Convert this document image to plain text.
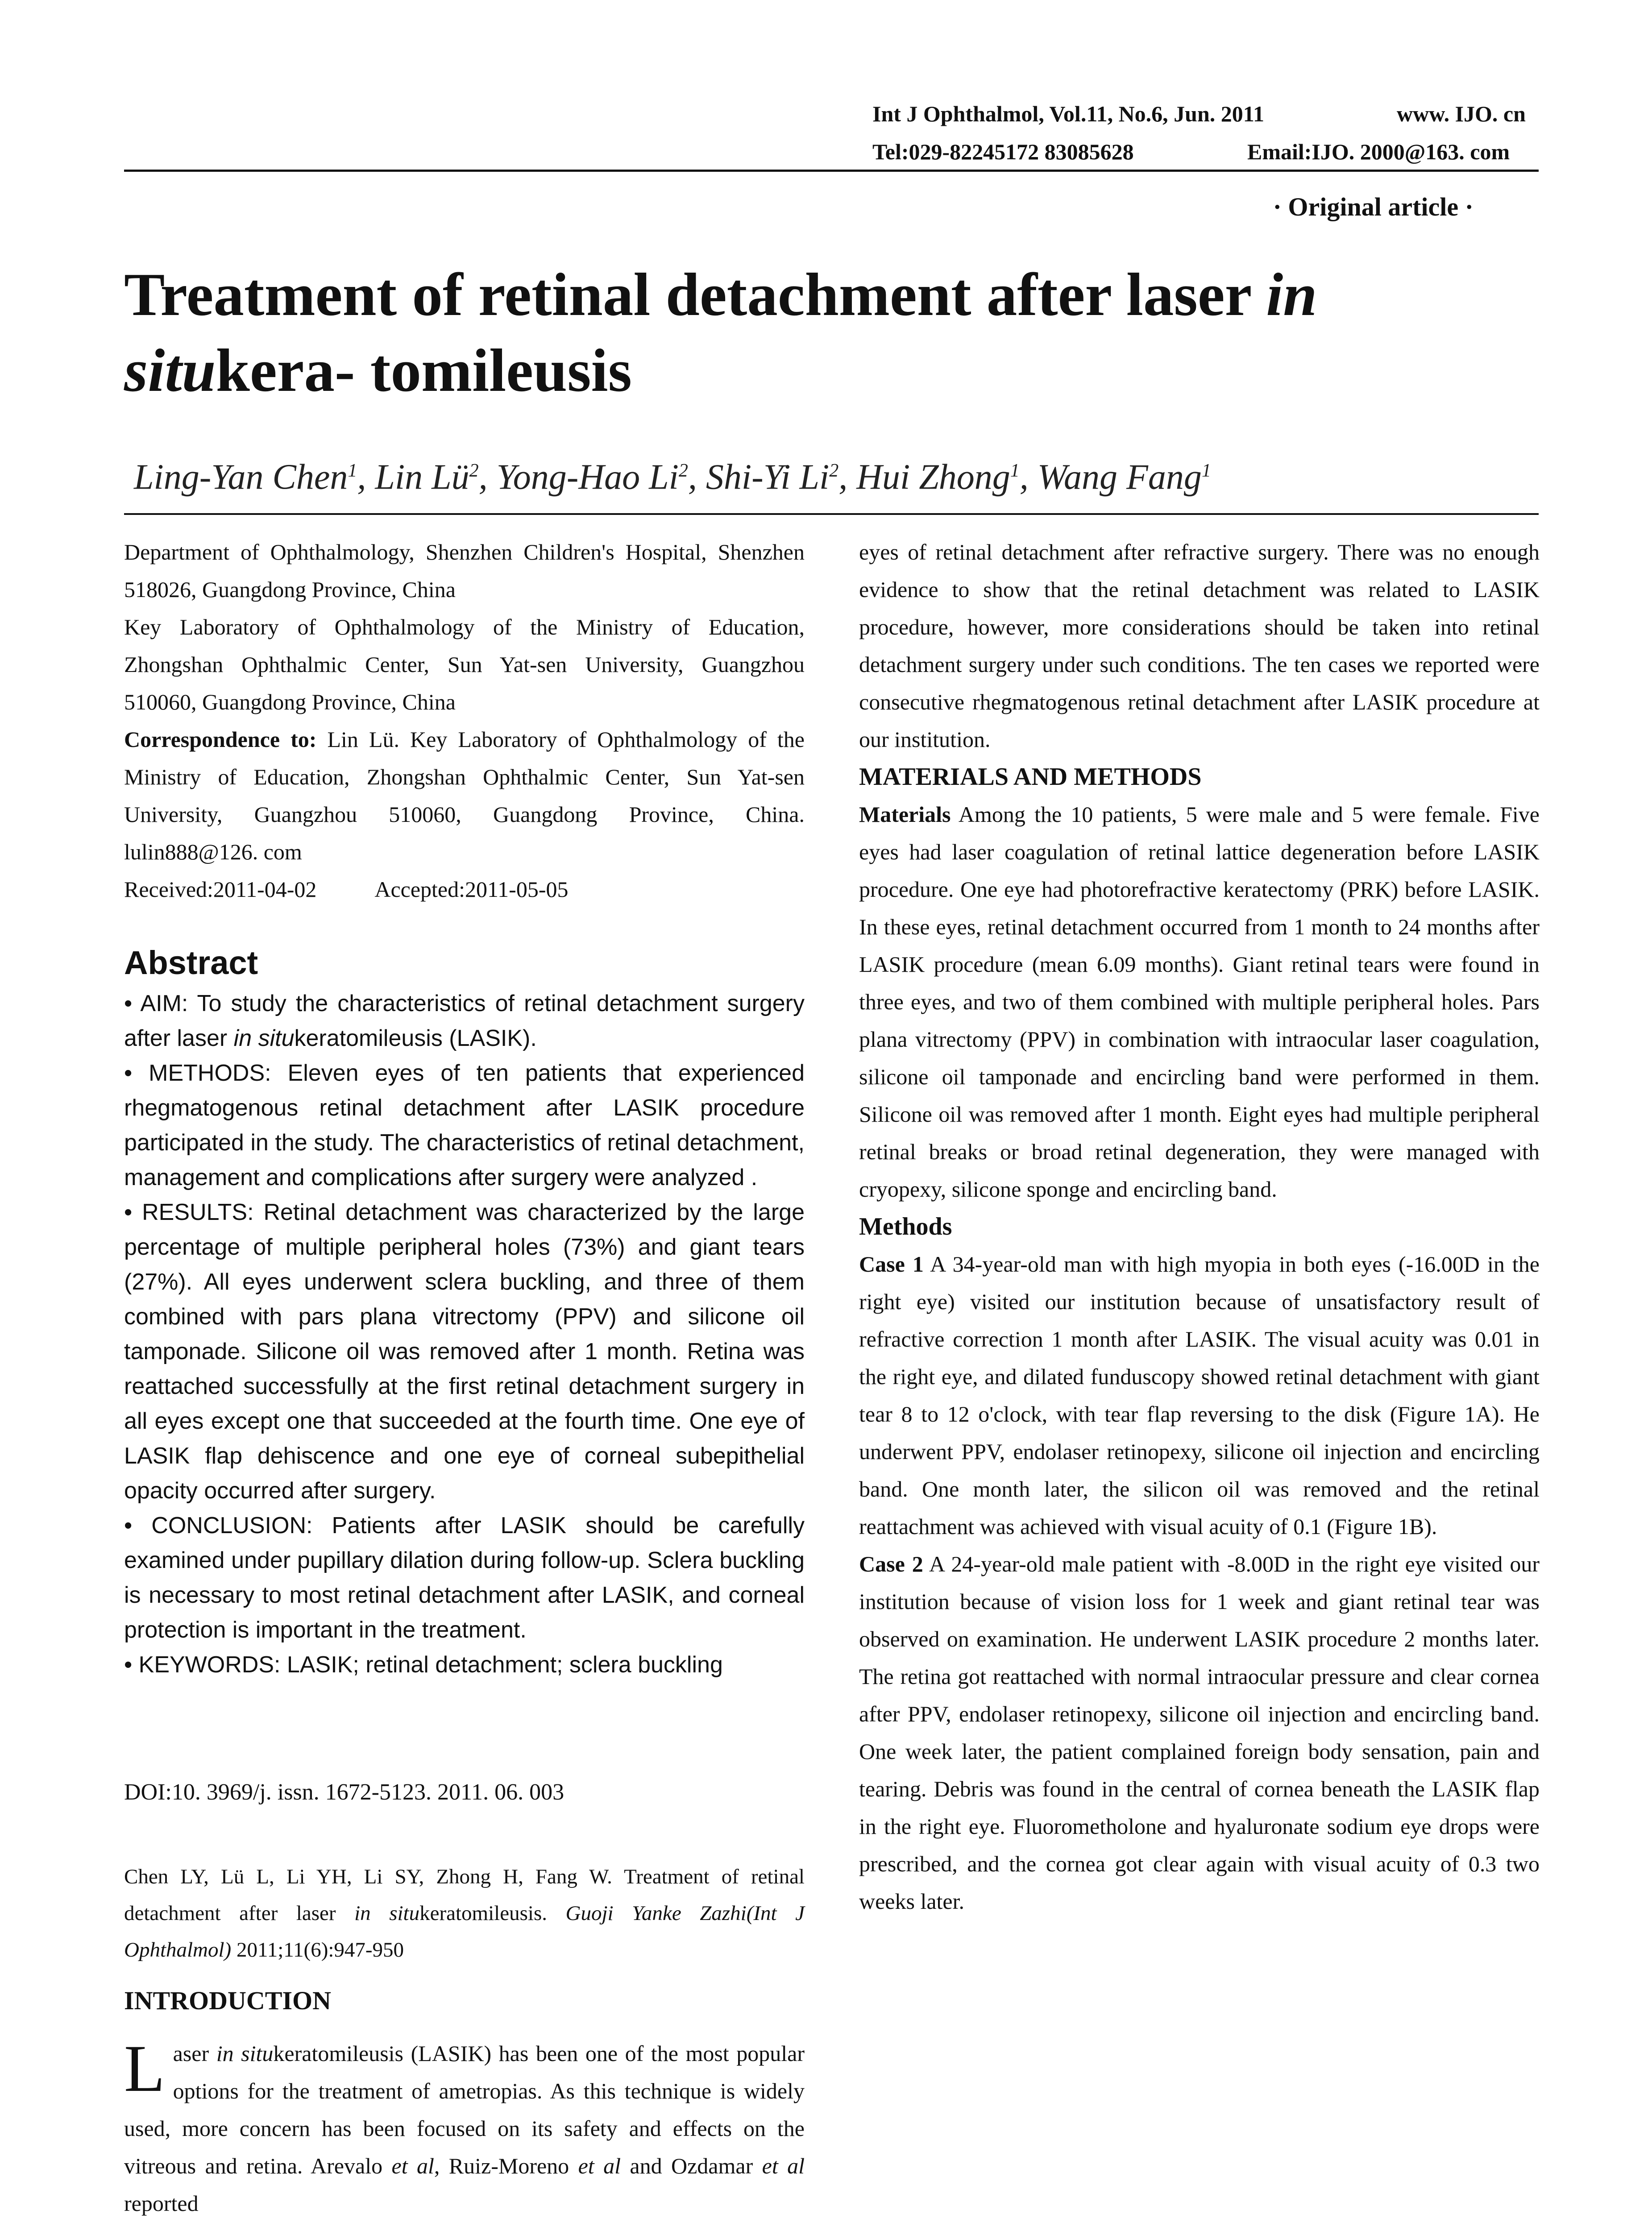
Int J Ophthalmol, Vol.11, No.6, Jun. 2011	www. IJO. cn
Tel:029-82245172 83085628	Email:IJO. 2000@163. com
· Original article ·
Treatment of retinal detachment after laser in situkera- tomileusis
Ling-Yan Chen$^1$, Lin $Lü^2$, Yong-Hao Li$^2$, Shi-Yi Li$^2$, Hui Zhong$^1$, Wang Fang$^1$

Department of Ophthalmology, Shenzhen Children's Hospital, Shenzhen 518026, Guangdong Province, China

Key Laboratory of Ophthalmology of the Ministry of Education, Zhongshan Ophthalmic Center, Sun Yat-sen University, Guangzhou 510060, Guangdong Province, China

Correspondence to: Lin Lü. Key Laboratory of Ophthalmology of the Ministry of Education, Zhongshan Ophthalmic Center, Sun Yat-sen University, Guangzhou 510060, Guangdong Province, China. lulin888@126. com

Received:2011-04-02	Accepted:2011-05-05

Abstract

• AIM: To study the characteristics of retinal detachment surgery after laser in situkeratomileusis (LASIK).

• METHODS: Eleven eyes of ten patients that experienced rhegmatogenous retinal detachment after LASIK procedure participated in the study. The characteristics of retinal detachment, management and complications after surgery were analyzed .

• RESULTS: Retinal detachment was characterized by the large percentage of multiple peripheral holes (73%) and giant tears (27%). All eyes underwent sclera buckling, and three of them combined with pars plana vitrectomy (PPV) and silicone oil tamponade. Silicone oil was removed after 1 month. Retina was reattached successfully at the first retinal detachment surgery in all eyes except one that succeeded at the fourth time. One eye of LASIK flap dehiscence and one eye of corneal subepithelial opacity occurred after surgery.

• CONCLUSION: Patients after LASIK should be carefully examined under pupillary dilation during follow-up. Sclera buckling is necessary to most retinal detachment after LASIK, and corneal protection is important in the treatment.

• KEYWORDS: LASIK; retinal detachment; sclera buckling

DOI:10. 3969/j. issn. 1672-5123. 2011. 06. 003
Chen LY, Lü L, Li YH, Li SY, Zhong H, Fang W. Treatment of retinal detachment after laser in situkeratomileusis. Guoji Yanke Zazhi(Int J Ophthalmol) 2011;11(6):947-950
INTRODUCTION
Laser in situkeratomileusis (LASIK) has been one of the most popular options for the treatment of ametropias. As this technique is widely used, more concern has been focused on its safety and effects on the vitreous and retina. Arevalo et al, Ruiz-Moreno et al and Ozdamar et al reported

eyes of retinal detachment after refractive surgery. There was no enough evidence to show that the retinal detachment was related to LASIK procedure, however, more considerations should be taken into retinal detachment surgery under such conditions. The ten cases we reported were consecutive rhegmatogenous retinal detachment after LASIK procedure at our institution.

MATERIALS AND METHODS

Materials Among the 10 patients, 5 were male and 5 were female. Five eyes had laser coagulation of retinal lattice degeneration before LASIK procedure. One eye had photorefractive keratectomy (PRK) before LASIK. In these eyes, retinal detachment occurred from 1 month to 24 months after LASIK procedure (mean 6.09 months). Giant retinal tears were found in three eyes, and two of them combined with multiple peripheral holes. Pars plana vitrectomy (PPV) in combination with intraocular laser coagulation, silicone oil tamponade and encircling band were performed in them. Silicone oil was removed after 1 month. Eight eyes had multiple peripheral retinal breaks or broad retinal degeneration, they were managed with cryopexy, silicone sponge and encircling band.

Methods

Case 1 A 34-year-old man with high myopia in both eyes (-16.00D in the right eye) visited our institution because of unsatisfactory result of refractive correction 1 month after LASIK. The visual acuity was 0.01 in the right eye, and dilated funduscopy showed retinal detachment with giant tear 8 to 12 o'clock, with tear flap reversing to the disk (Figure 1A). He underwent PPV, endolaser retinopexy, silicone oil injection and encircling band. One month later, the silicon oil was removed and the retinal reattachment was achieved with visual acuity of 0.1 (Figure 1B).

Case 2 A 24-year-old male patient with -8.00D in the right eye visited our institution because of vision loss for 1 week and giant retinal tear was observed on examination. He underwent LASIK procedure 2 months later. The retina got reattached with normal intraocular pressure and clear cornea after PPV, endolaser retinopexy, silicone oil injection and encircling band. One week later, the patient complained foreign body sensation, pain and tearing. Debris was found in the central of cornea beneath the LASIK flap in the right eye. Fluorometholone and hyaluronate sodium eye drops were prescribed, and the cornea got clear again with visual acuity of 0.3 two weeks later.
